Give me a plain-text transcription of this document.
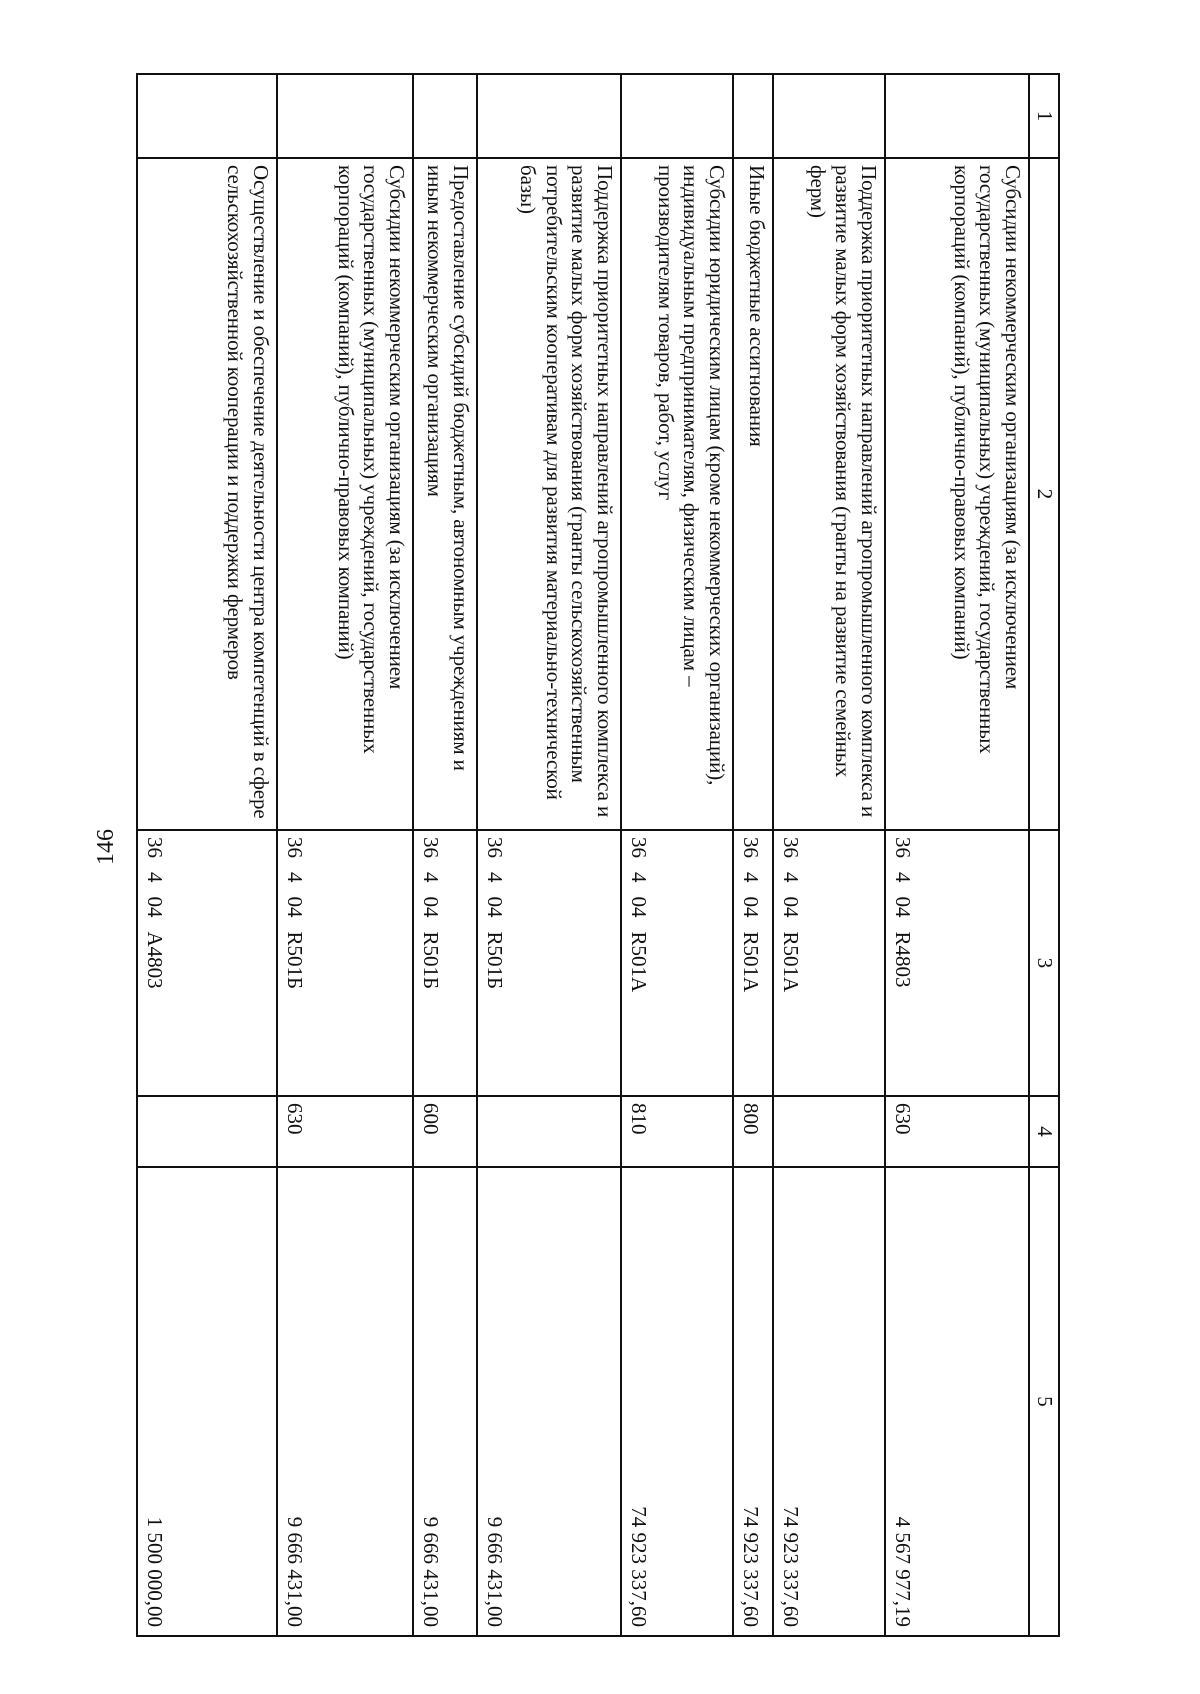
146
1	2	3	4	5
	Субсидии некоммерческим организациям (за исключением государственных (муниципальных) учреждений, государственных корпораций (компаний), публично-правовых компаний)	36404R4803	630	4 567 977,19
	Поддержка приоритетных направлений агропромышленного комплекса и развитие малых форм хозяйствования (гранты на развитие семейных ферм)	36404R501A		74 923 337,60
	Иные бюджетные ассигнования	36404R501A	800	74 923 337,60
	Субсидии юридическим лицам (кроме некоммерческих организаций), индивидуальным предпринимателям, физическим лицам – производителям товаров, работ, услуг	36404R501A	810	74 923 337,60
	Поддержка приоритетных направлений агропромышленного комплекса и развитие малых форм хозяйствования (гранты сельскохозяйственным потребительским кооперативам для развития материально-технической базы)	36404R501Б		9 666 431,00
	Предоставление субсидий бюджетным, автономным учреждениям и иным некоммерческим организациям	36404R501Б	600	9 666 431,00
	Субсидии некоммерческим организациям (за исключением государственных (муниципальных) учреждений, государственных корпораций (компаний), публично-правовых компаний)	36404R501Б	630	9 666 431,00
	Осуществление и обеспечение деятельности центра компетенций в сфере сельскохозяйственной кооперации и поддержки фермеров	36404A4803		1 500 000,00
